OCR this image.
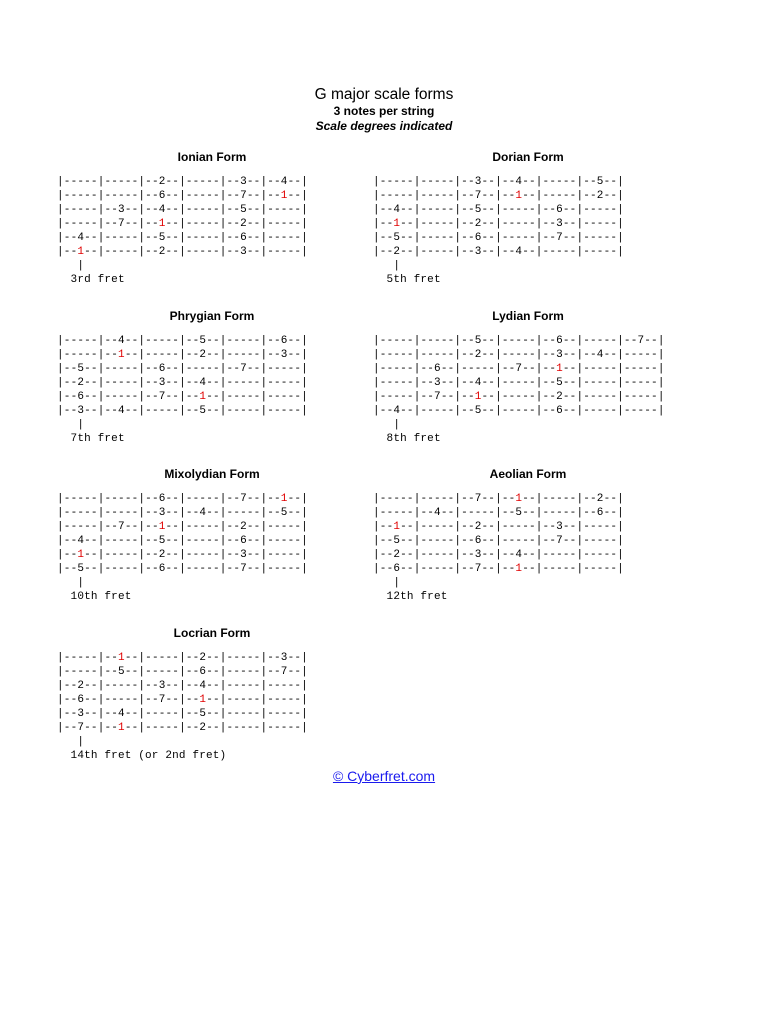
G major scale forms
3 notes per string
Scale degrees indicated
Ionian Form
|-----|-----|--2--|-----|--3--|--4--|
|-----|-----|--6--|-----|--7--|--1--|
|-----|--3--|--4--|-----|--5--|-----|
|-----|--7--|--1--|-----|--2--|-----|
|--4--|-----|--5--|-----|--6--|-----|
|--1--|-----|--2--|-----|--3--|-----|
|
3rd fret
Dorian Form
|-----|-----|--3--|--4--|-----|--5--|
|-----|-----|--7--|--1--|-----|--2--|
|--4--|-----|--5--|-----|--6--|-----|
|--1--|-----|--2--|-----|--3--|-----|
|--5--|-----|--6--|-----|--7--|-----|
|--2--|-----|--3--|--4--|-----|-----|
|
5th fret
Phrygian Form
|-----|--4--|-----|--5--|-----|--6--|
|-----|--1--|-----|--2--|-----|--3--|
|--5--|-----|--6--|-----|--7--|-----|
|--2--|-----|--3--|--4--|-----|-----|
|--6--|-----|--7--|--1--|-----|-----|
|--3--|--4--|-----|--5--|-----|-----|
|
7th fret
Lydian Form
|-----|-----|--5--|-----|--6--|-----|--7--|
|-----|-----|--2--|-----|--3--|--4--|-----|
|-----|--6--|-----|--7--|--1--|-----|-----|
|-----|--3--|--4--|-----|--5--|-----|-----|
|-----|--7--|--1--|-----|--2--|-----|-----|
|--4--|-----|--5--|-----|--6--|-----|-----|
|
8th fret
Mixolydian Form
|-----|-----|--6--|-----|--7--|--1--|
|-----|-----|--3--|--4--|-----|--5--|
|-----|--7--|--1--|-----|--2--|-----|
|--4--|-----|--5--|-----|--6--|-----|
|--1--|-----|--2--|-----|--3--|-----|
|--5--|-----|--6--|-----|--7--|-----|
|
10th fret
Aeolian Form
|-----|-----|--7--|--1--|-----|--2--|
|-----|--4--|-----|--5--|-----|--6--|
|--1--|-----|--2--|-----|--3--|-----|
|--5--|-----|--6--|-----|--7--|-----|
|--2--|-----|--3--|--4--|-----|-----|
|--6--|-----|--7--|--1--|-----|-----|
|
12th fret
Locrian Form
|-----|--1--|-----|--2--|-----|--3--|
|-----|--5--|-----|--6--|-----|--7--|
|--2--|-----|--3--|--4--|-----|-----|
|--6--|-----|--7--|--1--|-----|-----|
|--3--|--4--|-----|--5--|-----|-----|
|--7--|--1--|-----|--2--|-----|-----|
|
14th fret (or 2nd fret)
© Cyberfret.com
